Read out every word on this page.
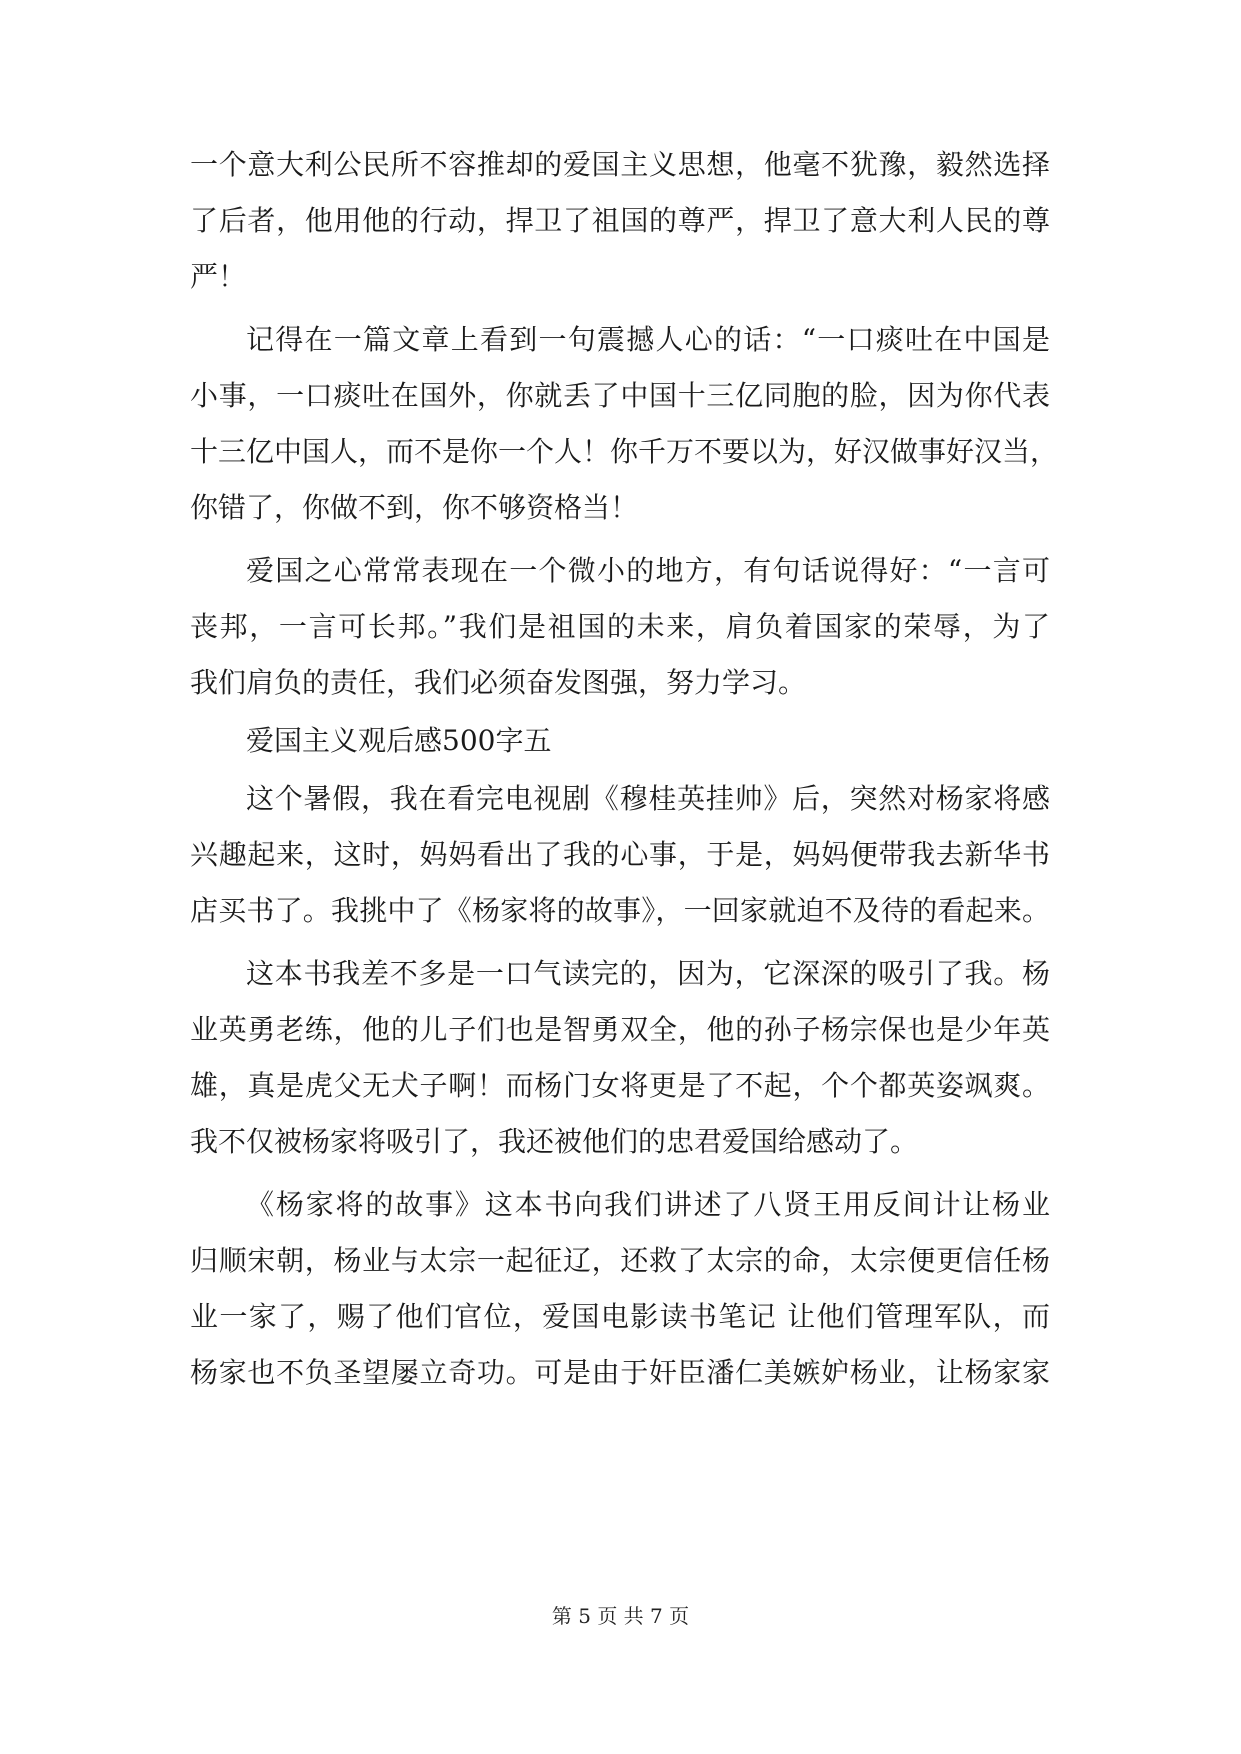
一个意大利公民所不容推却的爱国主义思想，他毫不犹豫，毅然选择
了后者，他用他的行动，捍卫了祖国的尊严，捍卫了意大利人民的尊
严！
记得在一篇文章上看到一句震撼人心的话：“一口痰吐在中国是
小事，一口痰吐在国外，你就丢了中国十三亿同胞的脸，因为你代表
十三亿中国人，而不是你一个人！你千万不要以为，好汉做事好汉当，
你错了，你做不到，你不够资格当！
爱国之心常常表现在一个微小的地方，有句话说得好：“一言可
丧邦，一言可长邦。”我们是祖国的未来，肩负着国家的荣辱，为了
我们肩负的责任，我们必须奋发图强，努力学习。
爱国主义观后感500字五
这个暑假，我在看完电视剧《穆桂英挂帅》后，突然对杨家将感
兴趣起来，这时，妈妈看出了我的心事，于是，妈妈便带我去新华书
店买书了。我挑中了《杨家将的故事》，一回家就迫不及待的看起来。
这本书我差不多是一口气读完的，因为，它深深的吸引了我。杨
业英勇老练，他的儿子们也是智勇双全，他的孙子杨宗保也是少年英
雄，真是虎父无犬子啊！而杨门女将更是了不起，个个都英姿飒爽。
我不仅被杨家将吸引了，我还被他们的忠君爱国给感动了。
《杨家将的故事》这本书向我们讲述了八贤王用反间计让杨业
归顺宋朝，杨业与太宗一起征辽，还救了太宗的命，太宗便更信任杨
业一家了，赐了他们官位，爱国电影读书笔记 让他们管理军队，而
杨家也不负圣望屡立奇功。可是由于奸臣潘仁美嫉妒杨业，让杨家家
第 5 页 共 7 页
